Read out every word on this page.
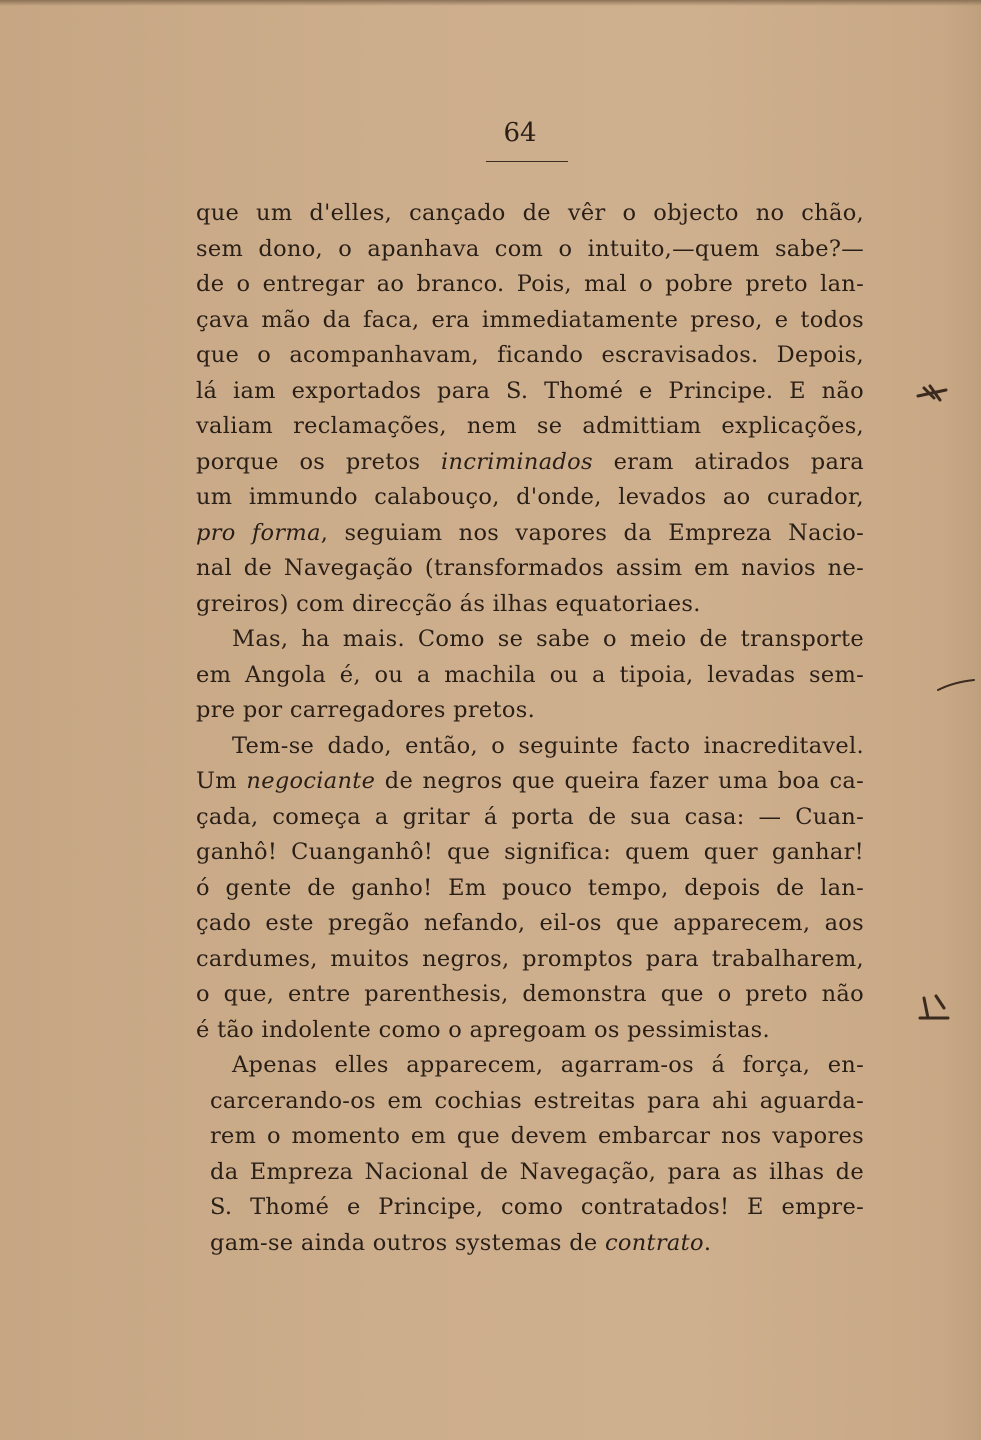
64
que um d'elles, cançado de vêr o objecto no chão,
sem dono, o apanhava com o intuito,—quem sabe?—
de o entregar ao branco. Pois, mal o pobre preto lan-
çava mão da faca, era immediatamente preso, e todos
que o acompanhavam, ficando escravisados. Depois,
lá iam exportados para S. Thomé e Principe. E não
valiam reclamações, nem se admittiam explicações,
porque os pretos incriminados eram atirados para
um immundo calabouço, d'onde, levados ao curador,
pro forma, seguiam nos vapores da Empreza Nacio-
nal de Navegação (transformados assim em navios ne-
greiros) com direcção ás ilhas equatoriaes.
Mas, ha mais. Como se sabe o meio de transporte
em Angola é, ou a machila ou a tipoia, levadas sem-
pre por carregadores pretos.
Tem-se dado, então, o seguinte facto inacreditavel.
Um negociante de negros que queira fazer uma boa ca-
çada, começa a gritar á porta de sua casa: — Cuan-
ganhô! Cuanganhô! que significa: quem quer ganhar!
ó gente de ganho! Em pouco tempo, depois de lan-
çado este pregão nefando, eil-os que apparecem, aos
cardumes, muitos negros, promptos para trabalharem,
o que, entre parenthesis, demonstra que o preto não
é tão indolente como o apregoam os pessimistas.
Apenas elles apparecem, agarram-os á força, en-
carcerando-os em cochias estreitas para ahi aguarda-
rem o momento em que devem embarcar nos vapores
da Empreza Nacional de Navegação, para as ilhas de
S. Thomé e Principe, como contratados! E empre-
gam-se ainda outros systemas de contrato.
